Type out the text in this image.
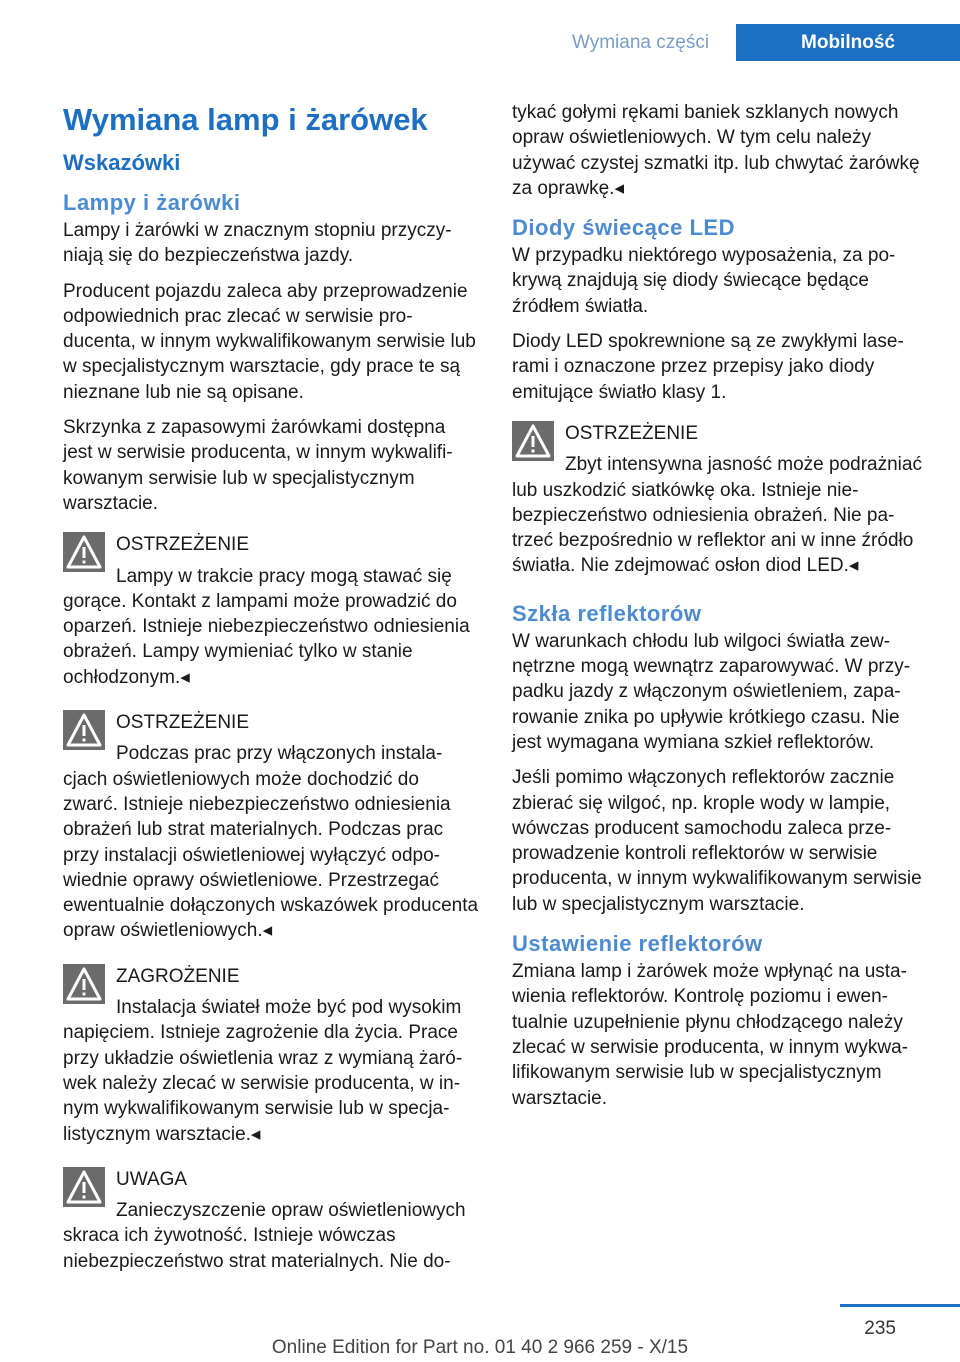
Wymiana części	Mobilność
Wymiana lamp i żarówek
Wskazówki
Lampy i żarówki

Lampy i żarówki w znacznym stopniu przyczyniają się do bezpieczeństwa jazdy.

Producent pojazdu zaleca aby przeprowadzenie odpowiednich prac zlecać w serwisie producenta, w innym wykwalifikowanym serwisie lub w specjalistycznym warsztacie, gdy prace te są nieznane lub nie są opisane.

Skrzynka z zapasowymi żarówkami dostępna jest w serwisie producenta, w innym wykwalifikowanym serwisie lub w specjalistycznym warsztacie.

OSTRZEŻENIE
Lampy w trakcie pracy mogą stawać się gorące. Kontakt z lampami może prowadzić do oparzeń. Istnieje niebezpieczeństwo odniesienia obrażeń. Lampy wymieniać tylko w stanie ochłodzonym.◂
OSTRZEŻENIE
Podczas prac przy włączonych instalacjach oświetleniowych może dochodzić do zwarć. Istnieje niebezpieczeństwo odniesienia obrażeń lub strat materialnych. Podczas prac przy instalacji oświetleniowej wyłączyć odpowiednie oprawy oświetleniowe. Przestrzegać ewentualnie dołączonych wskazówek producenta opraw oświetleniowych.◂
ZAGROŻENIE
Instalacja świateł może być pod wysokim napięciem. Istnieje zagrożenie dla życia. Prace przy układzie oświetlenia wraz z wymianą żarówek należy zlecać w serwisie producenta, w innym wykwalifikowanym serwisie lub w specjalistycznym warsztacie.◂
UWAGA
Zanieczyszczenie opraw oświetleniowych skraca ich żywotność. Istnieje wówczas niebezpieczeństwo strat materialnych. Nie do-

tykać gołymi rękami baniek szklanych nowych opraw oświetleniowych. W tym celu należy używać czystej szmatki itp. lub chwytać żarówkę za oprawkę.◂

Diody świecące LED

W przypadku niektórego wyposażenia, za pokrywą znajdują się diody świecące będące źródłem światła.

Diody LED spokrewnione są ze zwykłymi laserami i oznaczone przez przepisy jako diody emitujące światło klasy 1.

OSTRZEŻENIE
Zbyt intensywna jasność może podrażniać lub uszkodzić siatkówkę oka. Istnieje niebezpieczeństwo odniesienia obrażeń. Nie patrzeć bezpośrednio w reflektor ani w inne źródło światła. Nie zdejmować osłon diod LED.◂
Szkła reflektorów

W warunkach chłodu lub wilgoci światła zewnętrzne mogą wewnątrz zaparowywać. W przypadku jazdy z włączonym oświetleniem, zaparowanie znika po upływie krótkiego czasu. Nie jest wymagana wymiana szkieł reflektorów.

Jeśli pomimo włączonych reflektorów zacznie zbierać się wilgoć, np. krople wody w lampie, wówczas producent samochodu zaleca przeprowadzenie kontroli reflektorów w serwisie producenta, w innym wykwalifikowanym serwisie lub w specjalistycznym warsztacie.

Ustawienie reflektorów

Zmiana lamp i żarówek może wpłynąć na ustawienia reflektorów. Kontrolę poziomu i ewentualnie uzupełnienie płynu chłodzącego należy zlecać w serwisie producenta, w innym wykwalifikowanym serwisie lub w specjalistycznym warsztacie.

235
Online Edition for Part no. 01 40 2 966 259 - X/15
